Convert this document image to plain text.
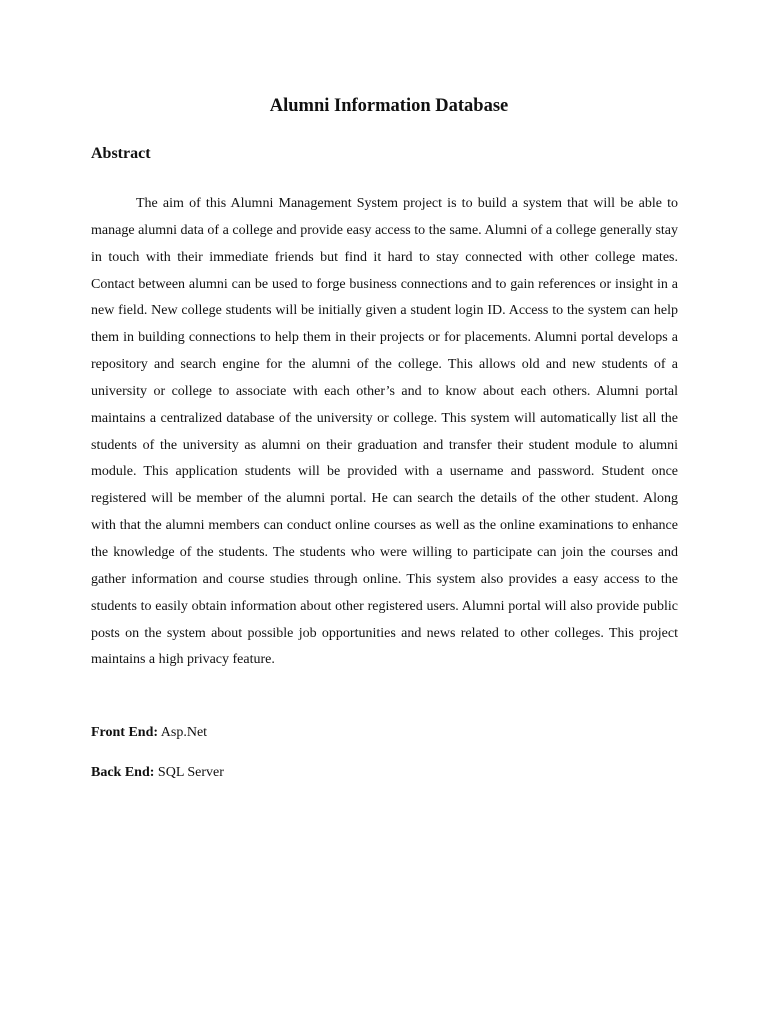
Alumni Information Database
Abstract

The aim of this Alumni Management System project is to build a system that will be able to manage alumni data of a college and provide easy access to the same. Alumni of a college generally stay in touch with their immediate friends but find it hard to stay connected with other college mates. Contact between alumni can be used to forge business connections and to gain references or insight in a new field. New college students will be initially given a student login ID. Access to the system can help them in building connections to help them in their projects or for placements. Alumni portal develops a repository and search engine for the alumni of the college. This allows old and new students of a university or college to associate with each other’s and to know about each others. Alumni portal maintains a centralized database of the university or college. This system will automatically list all the students of the university as alumni on their graduation and transfer their student module to alumni module. This application students will be provided with a username and password. Student once registered will be member of the alumni portal. He can search the details of the other student. Along with that the alumni members can conduct online courses as well as the online examinations to enhance the knowledge of the students. The students who were willing to participate can join the courses and gather information and course studies through online. This system also provides a easy access to the students to easily obtain information about other registered users. Alumni portal will also provide public posts on the system about possible job opportunities and news related to other colleges. This project maintains a high privacy feature.

Front End: Asp.Net
Back End: SQL Server
